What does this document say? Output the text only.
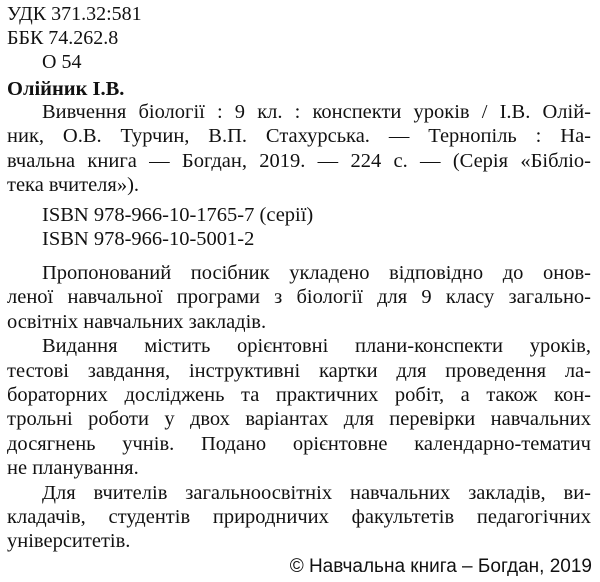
УДК 371.32:581
ББК 74.262.8
О 54
Олійник І.В.
Вивчення біології : 9 кл. : конспекти уроків / І.В. Олій-
ник, О.В. Турчин, В.П. Стахурська. — Тернопіль : На-
вчальна книга — Богдан, 2019. — 224 с. — (Серія «Бібліо-
тека вчителя»).
ISBN 978-966-10-1765-7 (серії)
ISBN 978-966-10-5001-2
Пропонований посібник укладено відповідно до онов-
леної навчальної програми з біології для 9 класу загально-
освітніх навчальних закладів.
Видання містить орієнтовні плани-конспекти уроків,
тестові завдання, інструктивні картки для проведення ла-
бораторних досліджень та практичних робіт, а також кон-
трольні роботи у двох варіантах для перевірки навчальних
досягнень учнів. Подано орієнтовне календарно-тематич
не планування.
Для вчителів загальноосвітніх навчальних закладів, ви-
кладачів, студентів природничих факультетів педагогічних
університетів.
© Навчальна книга – Богдан, 2019
